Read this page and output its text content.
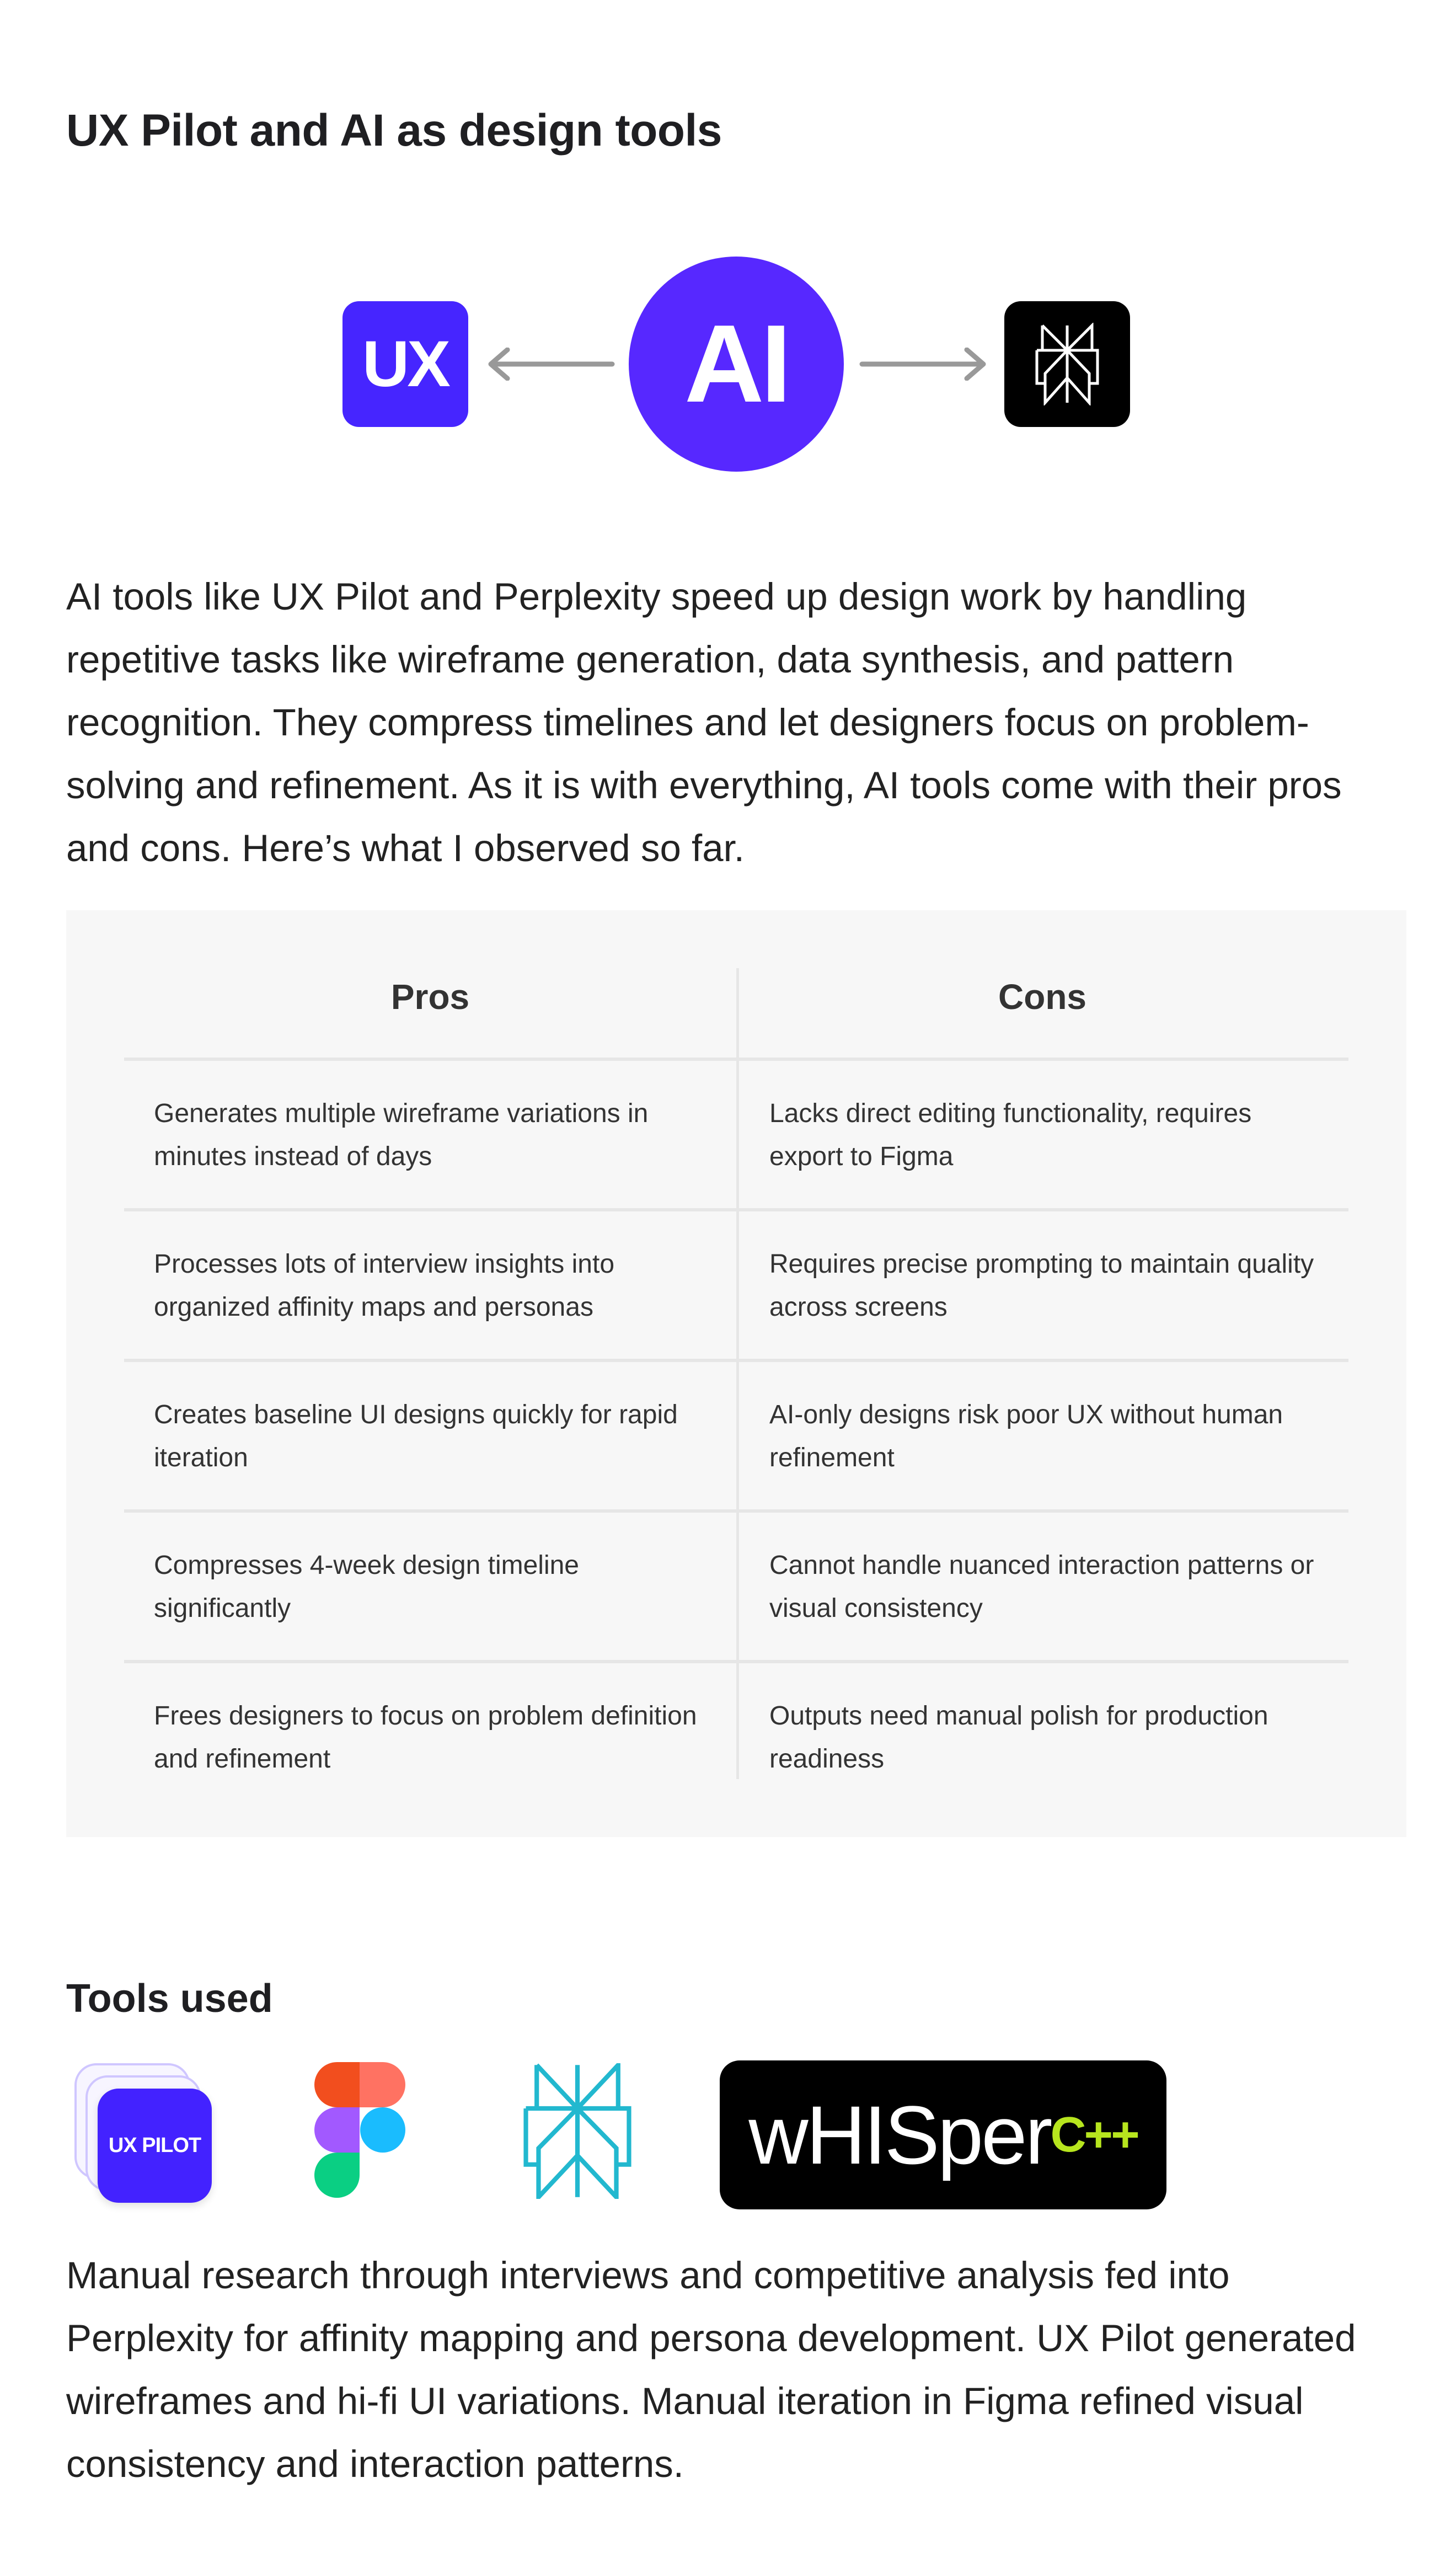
UX Pilot and AI as design tools
UX AI

AI tools like UX Pilot and Perplexity speed up design work by handling repetitive tasks like wireframe generation, data synthesis, and pattern recognition. They compress timelines and let designers focus on problem-solving and refinement. As it is with everything, AI tools come with their pros and cons. Here’s what I observed so far.

Pros	Cons
Generates multiple wireframe variations in minutes instead of days
Lacks direct editing functionality, requires export to Figma
Processes lots of interview insights into organized affinity maps and personas
Requires precise prompting to maintain quality across screens
Creates baseline UI designs quickly for rapid iteration
AI-only designs risk poor UX without human refinement
Compresses 4-week design timeline significantly
Cannot handle nuanced interaction patterns or visual consistency
Frees designers to focus on problem definition and refinement
Outputs need manual polish for production readiness
Tools used
UX PILOT	wHISper C++

Manual research through interviews and competitive analysis fed into Perplexity for affinity mapping and persona development. UX Pilot generated wireframes and hi-fi UI variations. Manual iteration in Figma refined visual consistency and interaction patterns.
